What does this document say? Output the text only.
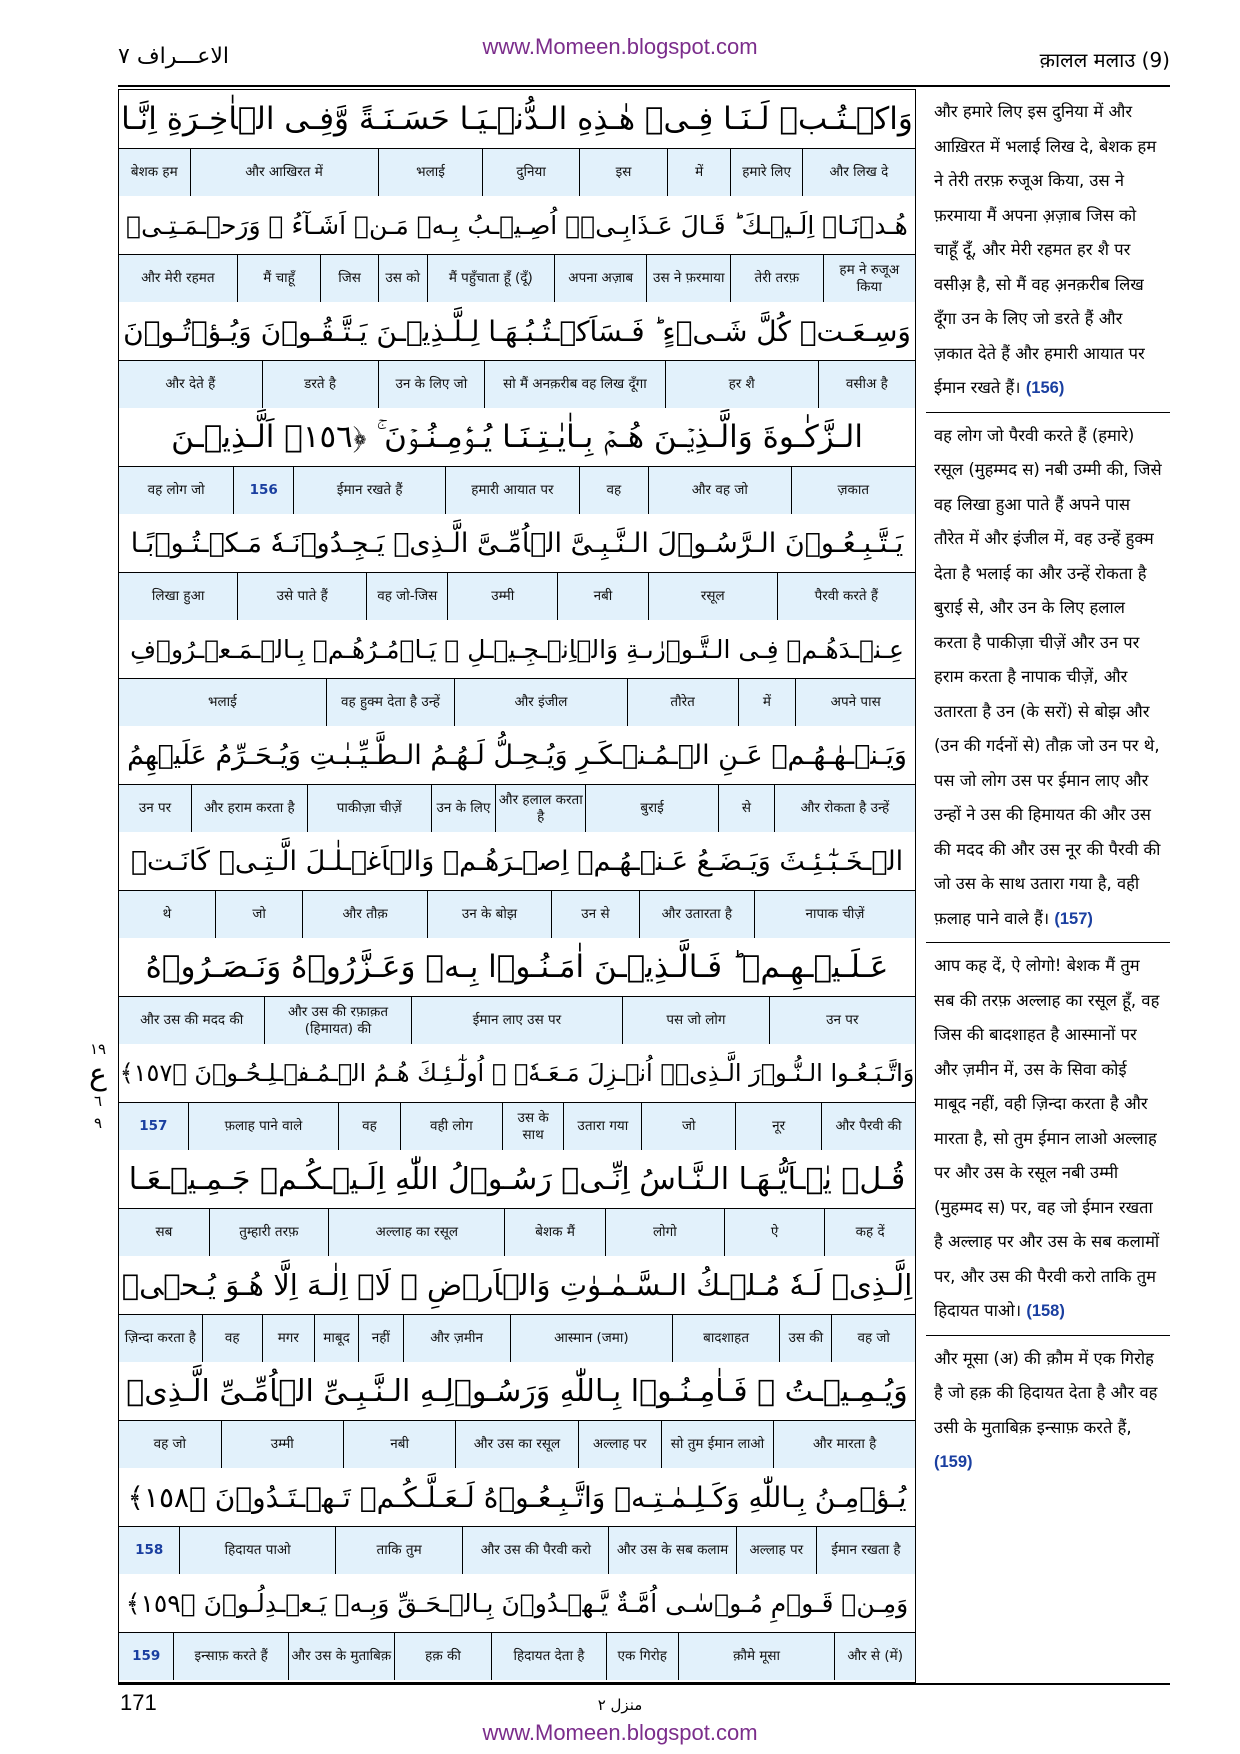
www.Momeen.blogspot.com
الاعـــراف ٧	क़ालल मलाउ (9)
١٩
ع
٦
٩
وَاكۡـتُـبۡ لَـنَـا فِـىۡ هٰـذِهِ الـدُّنۡـيَـا حَسَـنَـةً وَّفِـى الۡاٰخِـرَةِ اِنَّـا
और लिख दे
हमारे लिए
में
इस
दुनिया
भलाई
और आखिरत में
बेशक हम
هُـدۡنَـاۤ اِلَـيۡـكَ ؕ قَـالَ عَـذَابِـىۡۤ اُصِـيۡـبُ بِـهٖ مَـنۡ اَشَـآءُ ۚ وَرَحۡـمَـتِـىۡ
हम ने रुजूअ किया
तेरी तरफ़
उस ने फ़रमाया
अपना अज़ाब
मैं पहुँचाता हूँ (दूँ)
उस को
जिस
मैं चाहूँ
और मेरी रहमत
وَسِـعَـتۡ كُلَّ شَـىۡءٍ ؕ فَـسَاَكۡـتُـبُـهَـا لِـلَّـذِيۡـنَ يَـتَّـقُـوۡنَ وَيُـؤۡتُـوۡنَ
वसीअ है
हर शै
सो मैं अनक़रीब वह लिख दूँगा
उन के लिए जो
डरते है
और देते हैं
الـزَّكٰـوةَ وَالَّـذِيۡـنَ هُـمۡ بِـاٰيٰـتِـنَـا يُـؤۡمِـنُـوۡنَ ۚ ﴿١٥٦﴾ اَلَّـذِيۡـنَ
ज़कात
और वह जो
वह
हमारी आयात पर
ईमान रखते हैं
156
वह लोग जो
يَـتَّـبِـعُـوۡنَ الـرَّسُـوۡلَ الـنَّـبِـىَّ الۡاُمِّـىَّ الَّـذِىۡ يَـجِـدُوۡنَـهٗ مَـكۡـتُـوۡبًـا
पैरवी करते हैं
रसूल
नबी
उम्मी
वह जो-जिस
उसे पाते हैं
लिखा हुआ
عِـنۡـدَهُـمۡ فِـى الـتَّـوۡرٰىـةِ وَالۡاِنۡـجِـيۡـلِ ۡ يَـاۡمُـرُهُـمۡ بِـالۡـمَـعۡـرُوۡفِ
अपने पास
में
तौरेत
और इंजील
वह हुक्म देता है उन्हें
भलाई
وَيَـنۡـهٰـهُـمۡ عَـنِ الۡـمُـنۡـكَـرِ وَيُـحِـلُّ لَـهُـمُ الـطَّـيِّـبٰـتِ وَيُـحَـرِّمُ عَلَيۡهِمُ
और रोकता है उन्हें
से
बुराई
और हलाल करता है
उन के लिए
पाकीज़ा चीज़ें
और हराम करता है
उन पर
الۡـخَـبٰٓـئِـثَ وَيَـضَـعُ عَـنۡـهُـمۡ اِصۡـرَهُـمۡ وَالۡاَغۡـلٰـلَ الَّـتِـىۡ كَانَـتۡ
नापाक चीज़ें
और उतारता है
उन से
उन के बोझ
और तौक़
जो
थे
عَـلَـيۡـهِـمۡ ؕ فَـالَّـذِيۡـنَ اٰمَـنُـوۡا بِـهٖ وَعَـزَّرُوۡهُ وَنَـصَـرُوۡهُ
उन पर
पस जो लोग
ईमान लाए उस पर
और उस की रफ़ाक़त (हिमायत) की
और उस की मदद की
وَاتَّـبَـعُـوا الـنُّـوۡرَ الَّـذِىۡۤ اُنۡـزِلَ مَـعَـهٗۤ ۙ اُولٰٓـئِـكَ هُـمُ الۡـمُـفۡـلِـحُـوۡنَ ﴿١٥٧﴾
और पैरवी की
नूर
जो
उतारा गया
उस के साथ
वही लोग
वह
फ़लाह पाने वाले
157
قُـلۡ يٰۤـاَيُّـهَـا الـنَّـاسُ اِنِّـىۡ رَسُـوۡلُ اللّٰهِ اِلَـيۡـكُـمۡ جَـمِـيۡـعَـا
कह दें
ऐ
लोगो
बेशक मैं
अल्लाह का रसूल
तुम्हारी तरफ़
सब
اِلَّـذِىۡ لَـهٗ مُـلۡـكُ الـسَّـمٰـوٰتِ وَالۡاَرۡضِ ۚ لَاۤ اِلٰـهَ اِلَّا هُـوَ يُـحۡىٖ
वह जो
उस की
बादशाहत
आस्मान (जमा)
और ज़मीन
नहीं
माबूद
मगर
वह
ज़िन्दा करता है
وَيُـمِـيۡـتُ ۖ فَـاٰمِـنُـوۡا بِـاللّٰهِ وَرَسُـوۡلِـهِ الـنَّـبِـىِّ الۡاُمِّـىِّ الَّـذِىۡ
और मारता है
सो तुम ईमान लाओ
अल्लाह पर
और उस का रसूल
नबी
उम्मी
वह जो
يُـؤۡمِـنُ بِـاللّٰهِ وَكَـلِـمٰـتِـهٖ وَاتَّـبِـعُـوۡهُ لَـعَـلَّـكُـمۡ تَـهۡـتَـدُوۡنَ ﴿١٥٨﴾
ईमान रखता है
अल्लाह पर
और उस के सब कलाम
और उस की पैरवी करो
ताकि तुम
हिदायत पाओ
158
وَمِـنۡ قَـوۡمِ مُـوۡسٰـى اُمَّـةٌ يَّـهۡـدُوۡنَ بِـالۡـحَـقِّ وَبِـهٖ يَـعۡـدِلُـوۡنَ ﴿١٥٩﴾
और से (में)
क़ौमे मूसा
एक गिरोह
हिदायत देता है
हक़ की
और उस के मुताबिक़
इन्साफ़ करते हैं
159
और हमारे लिए इस दुनिया में और आख़िरत में भलाई लिख दे, बेशक हम ने तेरी तरफ़ रुजूअ किया, उस ने फ़रमाया मैं अपना अ़ज़ाब जिस को चाहूँ दूँ, और मेरी रहमत हर शै पर वसीअ़ है, सो मैं वह अ़नक़रीब लिख दूँगा उन के लिए जो डरते हैं और ज़कात देते हैं और हमारी आयात पर ईमान रखते हैं। (156)
वह लोग जो पैरवी करते हैं (हमारे) रसूल (मुहम्मद स) नबी उम्मी की, जिसे वह लिखा हुआ पाते हैं अपने पास तौरेत में और इंजील में, वह उन्हें हुक्म देता है भलाई का और उन्हें रोकता है बुराई से, और उन के लिए हलाल करता है पाकीज़ा चीज़ें और उन पर हराम करता है नापाक चीज़ें, और उतारता है उन (के सरों) से बोझ और (उन की गर्दनों से) तौक़ जो उन पर थे, पस जो लोग उस पर ईमान लाए और उन्हों ने उस की हिमायत की और उस की मदद की और उस नूर की पैरवी की जो उस के साथ उतारा गया है, वही फ़लाह पाने वाले हैं। (157)
आप कह दें, ऐ लोगो! बेशक मैं तुम सब की तरफ़ अल्लाह का रसूल हूँ, वह जिस की बादशाहत है आस्मानों पर और ज़मीन में, उस के सिवा कोई माबूद नहीं, वही ज़िन्दा करता है और मारता है, सो तुम ईमान लाओ अल्लाह पर और उस के रसूल नबी उम्मी (मुहम्मद स) पर, वह जो ईमान रखता है अल्लाह पर और उस के सब कलामों पर, और उस की पैरवी करो ताकि तुम हिदायत पाओ। (158)
और मूसा (अ) की क़ौम में एक गिरोह है जो हक़ की हिदायत देता है और वह उसी के मुताबिक़ इन्साफ़ करते हैं, (159)
171	منزل ٢
www.Momeen.blogspot.com
